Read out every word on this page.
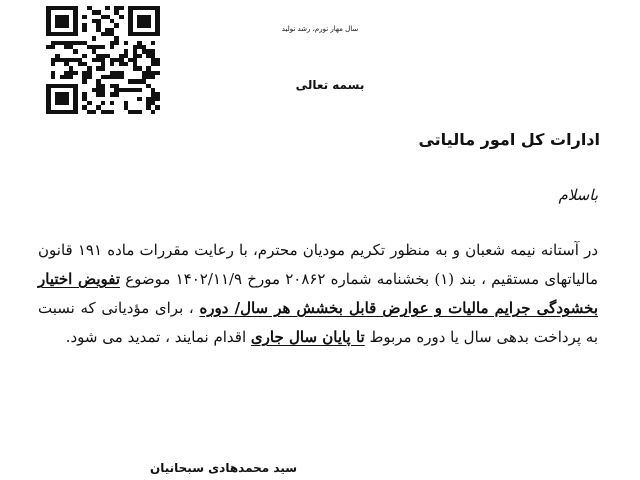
سال مهار تورم، رشد تولید
بسمه تعالی
ادارات کل امور مالیاتی
باسلام
در آستانه نیمه شعبان و به منظور تکریم مودیان محترم، با رعایت مقررات ماده ۱۹۱ قانون مالیاتهای مستقیم ، بند (۱) بخشنامه شماره ۲۰۸۶۲ مورخ ۱۴۰۲/۱۱/۹ موضوع تفویض اختیار بخشودگی جرایم مالیات و عوارض قابل بخشش هر سال/ دوره ، برای مؤدیانی که نسبت به پرداخت بدهی سال یا دوره مربوط تا پایان سال جاری اقدام نمایند ، تمدید می شود.
سید محمدهادی سبحانیان
